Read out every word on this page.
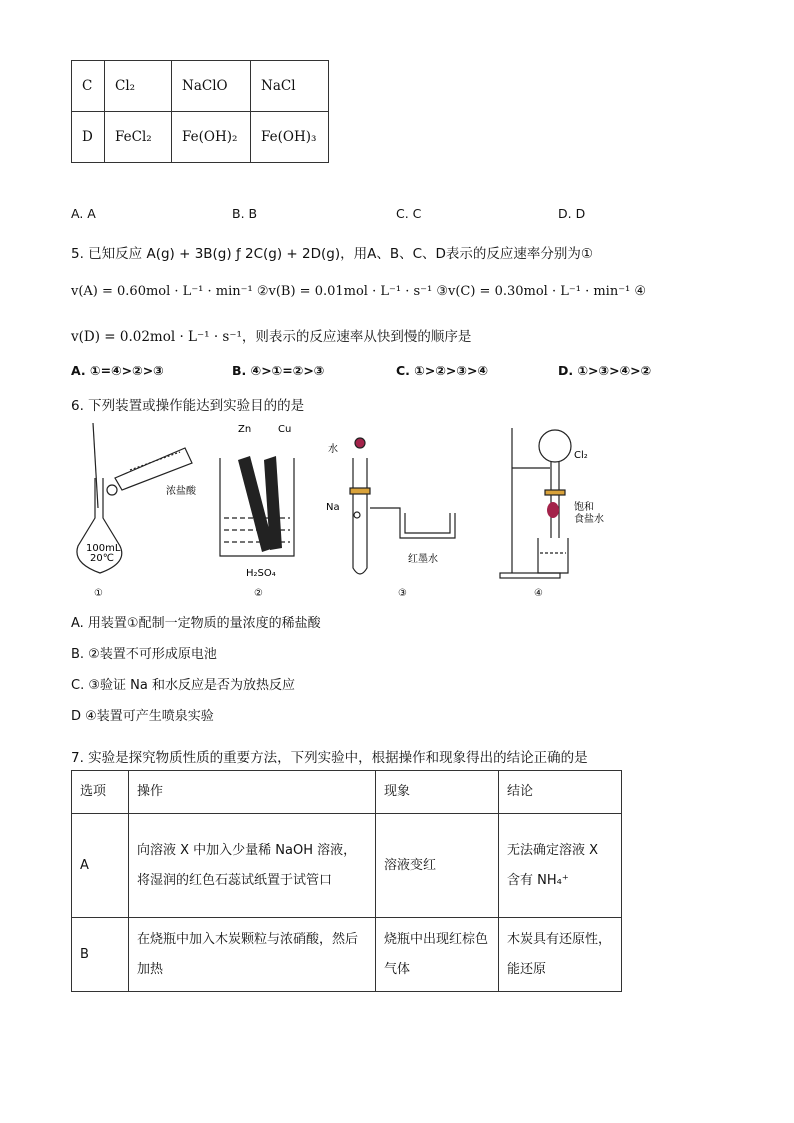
C	Cl₂	NaClO	NaCl
D	FeCl₂	Fe(OH)₂	Fe(OH)₃
A. A	B. B	C. C	D. D
5. 已知反应 A(g) + 3B(g) ƒ 2C(g) + 2D(g)，用A、B、C、D表示的反应速率分别为①
v(A) = 0.60mol · L⁻¹ · min⁻¹ ②v(B) = 0.01mol · L⁻¹ · s⁻¹ ③v(C) = 0.30mol · L⁻¹ · min⁻¹ ④
v(D) = 0.02mol · L⁻¹ · s⁻¹，则表示的反应速率从快到慢的顺序是
A. ①=④>②>③	B. ④>①=②>③	C. ①>②>③>④	D. ①>③>④>②
6. 下列装置或操作能达到实验目的的是
浓盐酸
100mL
20℃
Zn	Cu
H₂SO₄
水
Na
红墨水
Cl₂
饱和食盐水
①	②	③	④
A. 用装置①配制一定物质的量浓度的稀盐酸
B. ②装置不可形成原电池
C. ③验证 Na 和水反应是否为放热反应
D ④装置可产生喷泉实验
7. 实验是探究物质性质的重要方法，下列实验中，根据操作和现象得出的结论正确的是
选项	操作	现象	结论
A	向溶液 X 中加入少量稀 NaOH 溶液，将湿润的红色石蕊试纸置于试管口	溶液变红	无法确定溶液 X 含有 NH₄⁺
B	在烧瓶中加入木炭颗粒与浓硝酸，然后加热	烧瓶中出现红棕色气体	木炭具有还原性，能还原
